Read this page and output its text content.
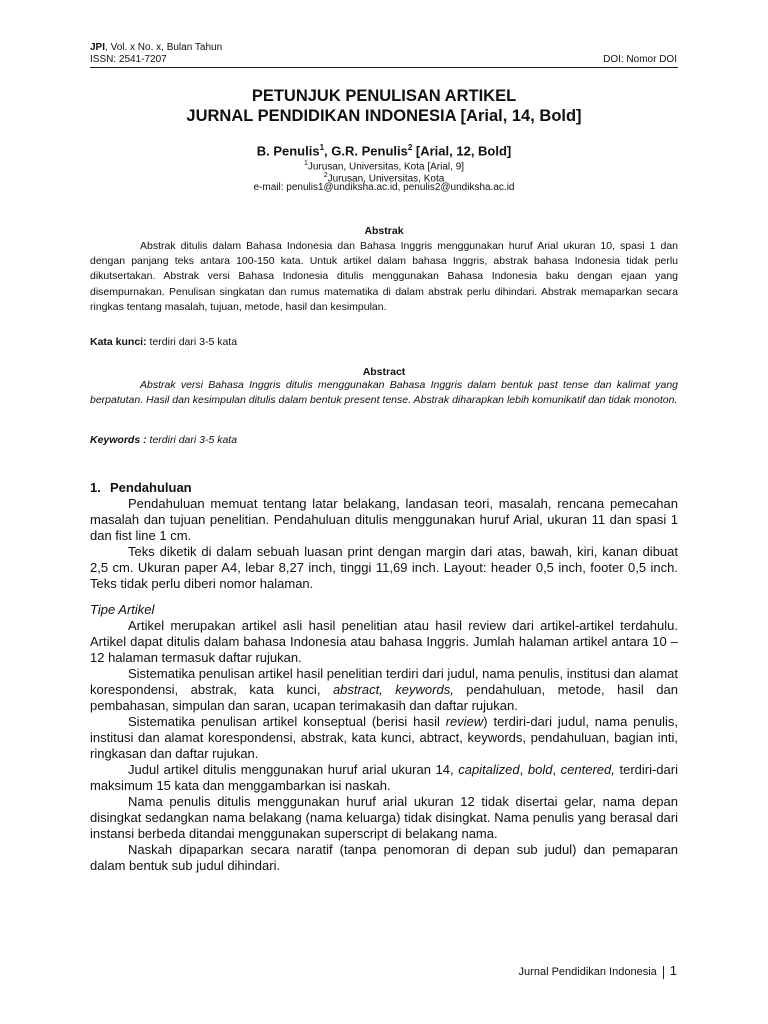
JPI, Vol. x No. x, Bulan Tahun
ISSN: 2541-7207	DOI: Nomor DOI
PETUNJUK PENULISAN ARTIKEL
JURNAL PENDIDIKAN INDONESIA [Arial, 14, Bold]
B. Penulis$^1$, G.R. Penulis$^2$ [Arial, 12, Bold]
$^1$Jurusan, Universitas, Kota [Arial, 9]
$^2$Jurusan, Universitas, Kota
e-mail: penulis1@undiksha.ac.id, penulis2@undiksha.ac.id
Abstrak
Abstrak ditulis dalam Bahasa Indonesia dan Bahasa Inggris menggunakan huruf Arial ukuran 10, spasi 1 dan dengan panjang teks antara 100-150 kata. Untuk artikel dalam bahasa Inggris, abstrak bahasa Indonesia tidak perlu dikutsertakan. Abstrak versi Bahasa Indonesia ditulis menggunakan Bahasa Indonesia baku dengan ejaan yang disempurnakan. Penulisan singkatan dan rumus matematika di dalam abstrak perlu dihindari. Abstrak memaparkan secara ringkas tentang masalah, tujuan, metode, hasil dan kesimpulan.
Kata kunci: terdiri dari 3-5 kata
Abstract
Abstrak versi Bahasa Inggris ditulis menggunakan Bahasa Inggris dalam bentuk past tense dan kalimat yang berpatutan. Hasil dan kesimpulan ditulis dalam bentuk present tense. Abstrak diharapkan lebih komunikatif dan tidak monoton.
Keywords : terdiri dari 3-5 kata
1. Pendahuluan

Pendahuluan memuat tentang latar belakang, landasan teori, masalah, rencana pemecahan masalah dan tujuan penelitian. Pendahuluan ditulis menggunakan huruf Arial, ukuran 11 dan spasi 1 dan fist line 1 cm.

Teks diketik di dalam sebuah luasan print dengan margin dari atas, bawah, kiri, kanan dibuat 2,5 cm. Ukuran paper A4, lebar 8,27 inch, tinggi 11,69 inch. Layout: header 0,5 inch, footer 0,5 inch. Teks tidak perlu diberi nomor halaman.

Tipe Artikel

Artikel merupakan artikel asli hasil penelitian atau hasil review dari artikel-artikel terdahulu. Artikel dapat ditulis dalam bahasa Indonesia atau bahasa Inggris. Jumlah halaman artikel antara 10 – 12 halaman termasuk daftar rujukan.

Sistematika penulisan artikel hasil penelitian terdiri dari judul, nama penulis, institusi dan alamat korespondensi, abstrak, kata kunci, abstract, keywords, pendahuluan, metode, hasil dan pembahasan, simpulan dan saran, ucapan terimakasih dan daftar rujukan.

Sistematika penulisan artikel konseptual (berisi hasil review) terdiri-dari judul, nama penulis, institusi dan alamat korespondensi, abstrak, kata kunci, abtract, keywords, pendahuluan, bagian inti, ringkasan dan daftar rujukan.

Judul artikel ditulis menggunakan huruf arial ukuran 14, capitalized, bold, centered, terdiri-dari maksimum 15 kata dan menggambarkan isi naskah.

Nama penulis ditulis menggunakan huruf arial ukuran 12 tidak disertai gelar, nama depan disingkat sedangkan nama belakang (nama keluarga) tidak disingkat. Nama penulis yang berasal dari instansi berbeda ditandai menggunakan superscript di belakang nama.

Naskah dipaparkan secara naratif (tanpa penomoran di depan sub judul) dan pemaparan dalam bentuk sub judul dihindari.

Jurnal Pendidikan Indonesia 1
